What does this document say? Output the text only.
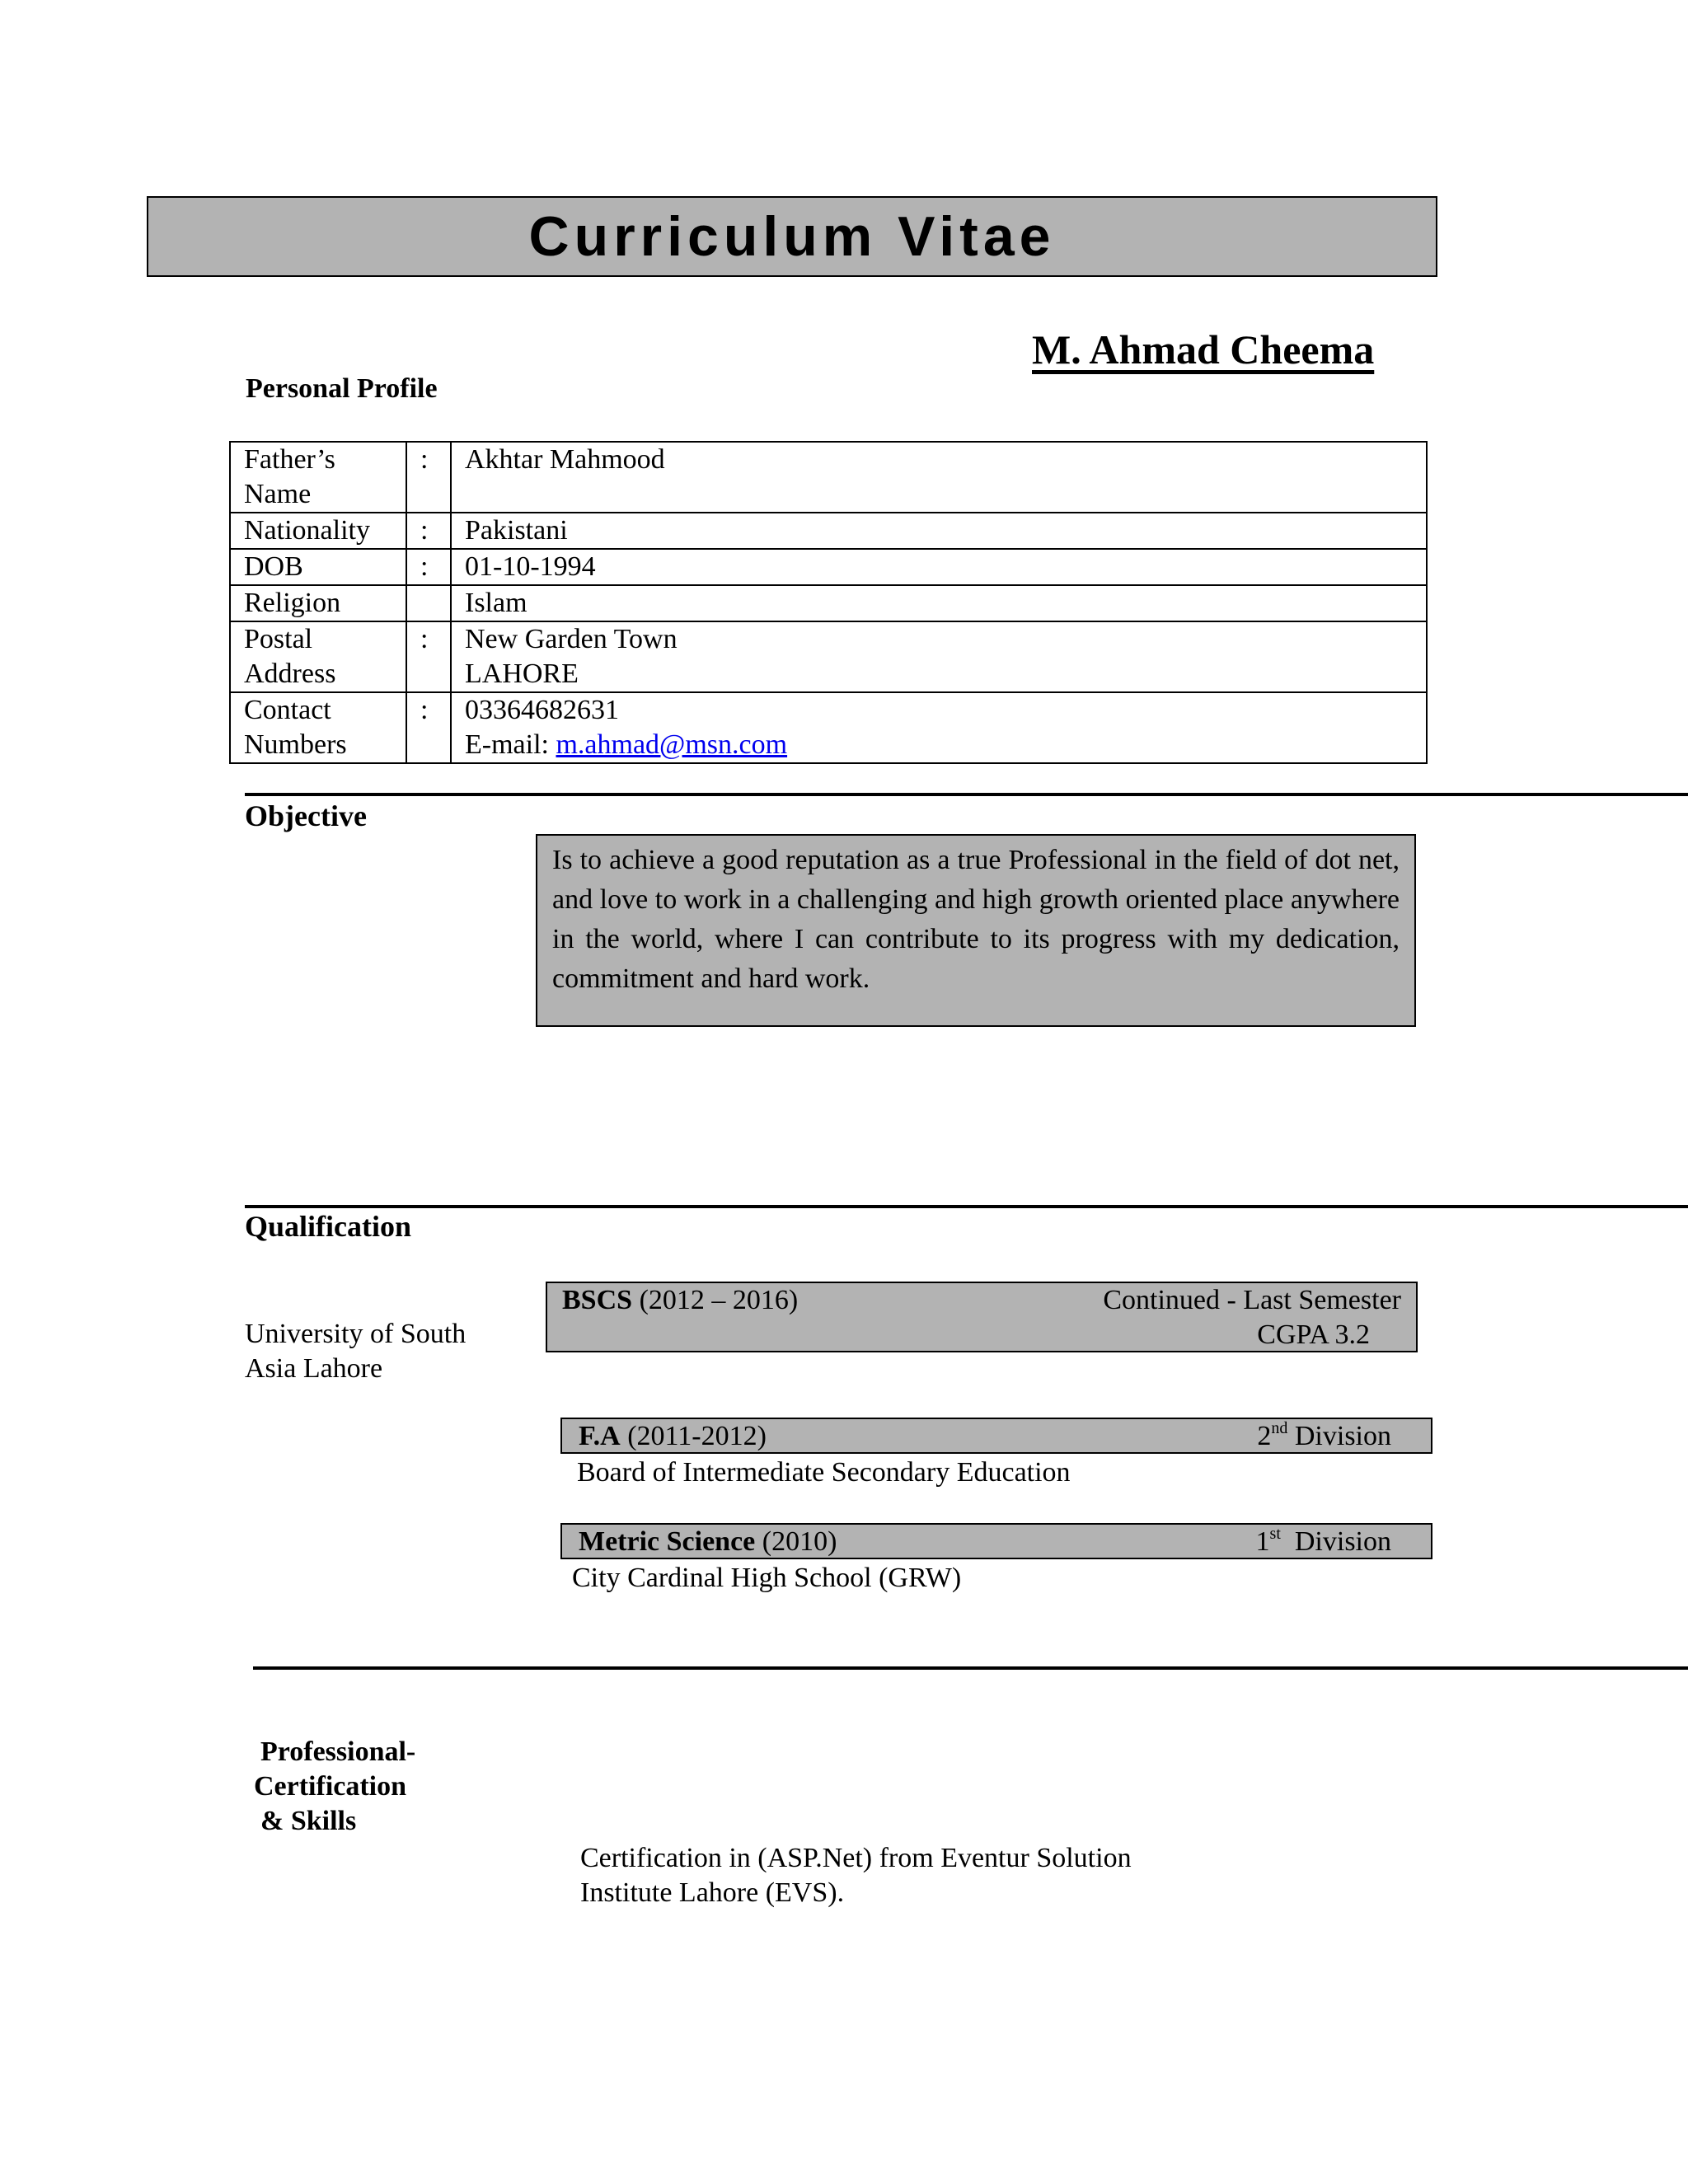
Curriculum Vitae
M. Ahmad Cheema
Personal Profile
Father’s Name	:	Akhtar Mahmood
Nationality	:	Pakistani
DOB	:	01-10-1994
Religion		Islam
Postal Address	:	New Garden Town
LAHORE

Contact Numbers	:	03364682631
E-mail: m.ahmad@msn.com
Objective
Is to achieve a good reputation as a true Professional in the field of dot net, and love to work in a challenging and high growth oriented place anywhere in the world, where I can contribute to its progress with my dedication, commitment and hard work.
Qualification
University of South Asia Lahore
BSCS (2012 – 2016)	Continued - Last Semester
CGPA 3.2
F.A (2011-2012)	2nd Division
Board of Intermediate Secondary Education
Metric Science (2010)	1st  Division
City Cardinal High School (GRW)
Professional-
Certification
& Skills
Certification in (ASP.Net) from Eventur Solution Institute Lahore (EVS).
